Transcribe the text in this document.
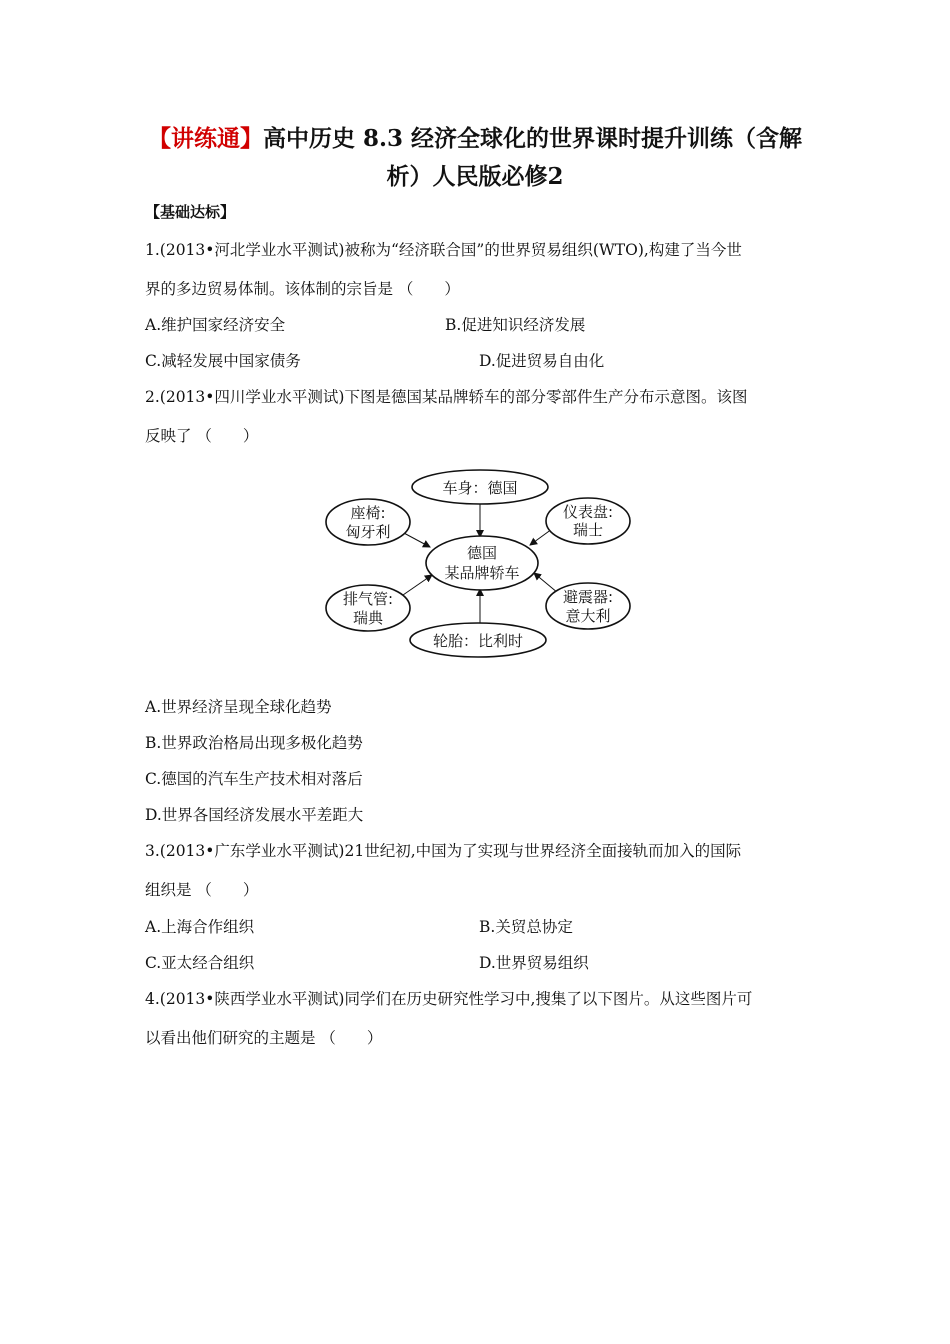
【讲练通】高中历史 8.3 经济全球化的世界课时提升训练（含解
析）人民版必修2
【基础达标】
1.(2013•河北学业水平测试)被称为“经济联合国”的世界贸易组织(WTO),构建了当今世
界的多边贸易体制。该体制的宗旨是 （　　）
A.维护国家经济安全	B.促进知识经济发展
C.减轻发展中国家债务	D.促进贸易自由化
2.(2013•四川学业水平测试)下图是德国某品牌轿车的部分零部件生产分布示意图。该图
反映了 （　　）
德国
某品牌轿车
车身：德国
座椅:
匈牙利
仪表盘:
瑞士
排气管:
瑞典
避震器:
意大利
轮胎：比利时
A.世界经济呈现全球化趋势
B.世界政治格局出现多极化趋势
C.德国的汽车生产技术相对落后
D.世界各国经济发展水平差距大
3.(2013•广东学业水平测试)21世纪初,中国为了实现与世界经济全面接轨而加入的国际
组织是 （　　）
A.上海合作组织	B.关贸总协定
C.亚太经合组织	D.世界贸易组织
4.(2013•陕西学业水平测试)同学们在历史研究性学习中,搜集了以下图片。从这些图片可
以看出他们研究的主题是 （　　）
